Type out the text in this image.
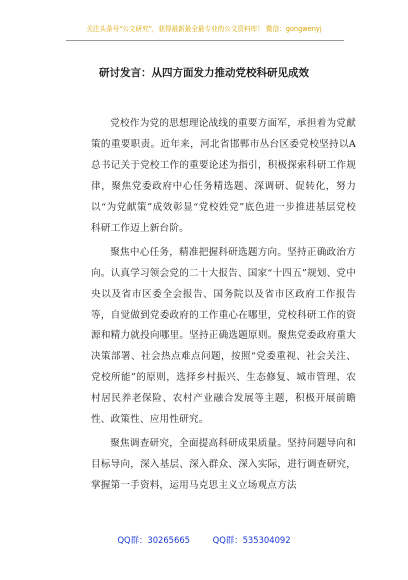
关注头条号"公文研究"，获得最新最全最专业的公文资料库！ 微信：gongwenyj
研讨发言：从四方面发力推动党校科研见成效

党校作为党的思想理论战线的重要方面军，承担着为党献策的重要职责。近年来，河北省邯郸市丛台区委党校坚持以A总书记关于党校工作的重要论述为指引，积极探索科研工作规律，聚焦党委政府中心任务精选题、深调研、促转化，努力以“为党献策”成效彰显“党校姓党”底色进一步推进基层党校科研工作迈上新台阶。

聚焦中心任务，精准把握科研选题方向。坚持正确政治方向。认真学习领会党的二十大报告、国家“十四五”规划、党中央以及省市区委全会报告、国务院以及省市区政府工作报告等，自觉做到党委政府的工作重心在哪里，党校科研工作的资源和精力就投向哪里。坚持正确选题原则。聚焦党委政府重大决策部署、社会热点难点问题，按照“党委重视、社会关注、党校所能”的原则，选择乡村振兴、生态修复、城市管理、农村居民养老保险、农村产业融合发展等主题，积极开展前瞻性、政策性、应用性研究。

聚焦调查研究，全面提高科研成果质量。坚持问题导向和目标导向，深入基层、深入群众、深入实际，进行调查研究，掌握第一手资料，运用马克思主义立场观点方法

QQ群：30265665	QQ群：535304092
